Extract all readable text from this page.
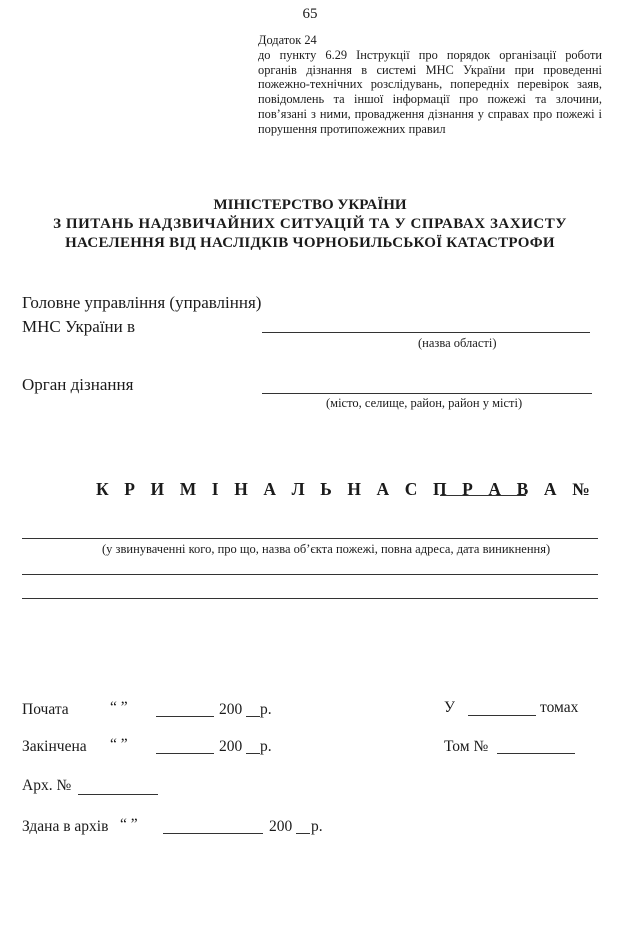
65
Додаток 24
до пункту 6.29 Інструкції про порядок організації роботи органів дізнання в системі МНС України при проведенні пожежно-технічних розслідувань, попередніх перевірок заяв, повідомлень та іншої інформації про пожежі та злочини, пов’язані з ними, провадження дізнання у справах про пожежі і порушення протипожежних правил
МІНІСТЕРСТВО УКРАЇНИ
З ПИТАНЬ НАДЗВИЧАЙНИХ СИТУАЦІЙ ТА У СПРАВАХ ЗАХИСТУ
НАСЕЛЕННЯ ВІД НАСЛІДКІВ ЧОРНОБИЛЬСЬКОЇ КАТАСТРОФИ
Головне управління (управління)
МНС України в
(назва області)
Орган дізнання
(місто, селище, район, район у місті)
К Р И М І Н А Л Ь Н А С П Р А В А №
(у звинуваченні кого, про що, назва об’єкта пожежі, повна адреса, дата виникнення)
Почата	“ ”	200 р.	У	томах
Закінчена “ ”	200 р.	Том №
Арх. №
Здана в архів “ ”	200 р.
